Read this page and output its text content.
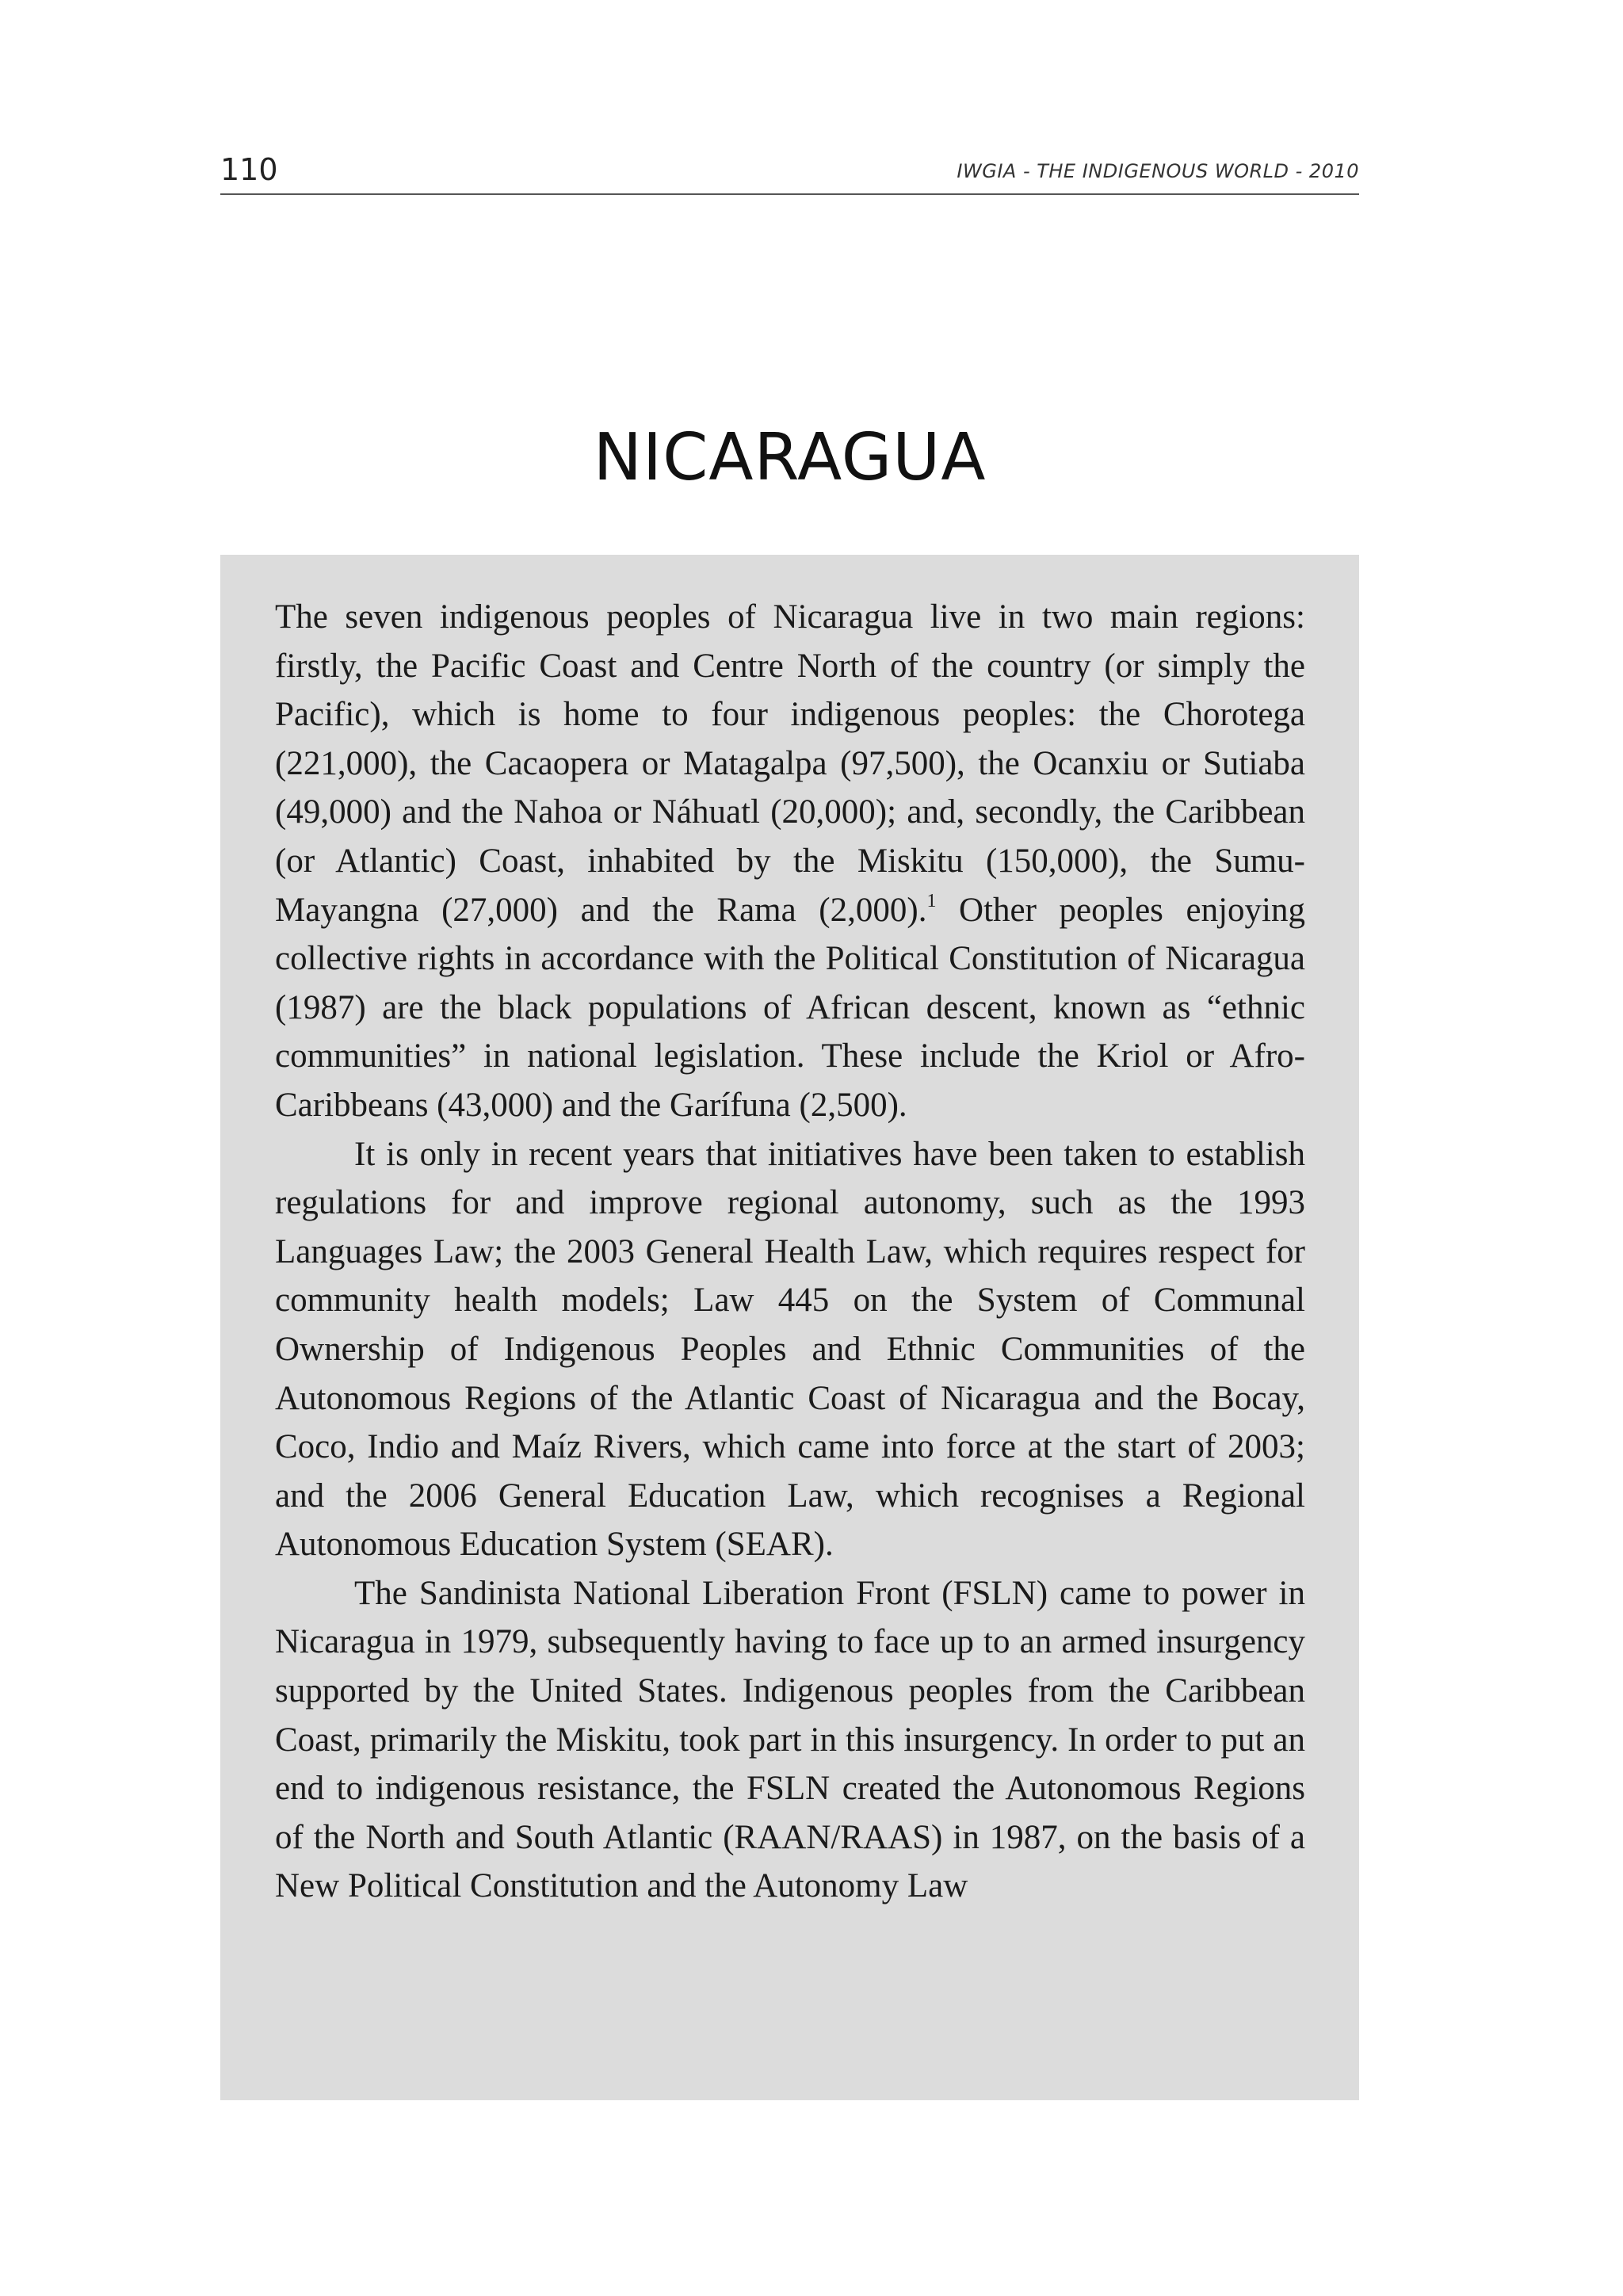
110	IWGIA - THE INDIGENOUS WORLD - 2010
NICARAGUA

The seven indigenous peoples of Nicaragua live in two main regions: firstly, the Pacific Coast and Centre North of the country (or simply the Pacific), which is home to four indigenous peoples: the Chorotega (221,000), the Cacaopera or Matagalpa (97,500), the Ocanxiu or Sutiaba (49,000) and the Nahoa or Náhuatl (20,000); and, secondly, the Caribbean (or Atlantic) Coast, inhabited by the Miskitu (150,000), the Sumu-Mayangna (27,000) and the Rama (2,000).$^1$ Other peoples enjoying collective rights in accordance with the Political Constitution of Nicaragua (1987) are the black populations of African descent, known as “ethnic communities” in national legislation. These include the Kriol or Afro-Caribbeans (43,000) and the Garífuna (2,500).

It is only in recent years that initiatives have been taken to establish regulations for and improve regional autonomy, such as the 1993 Languages Law; the 2003 General Health Law, which requires respect for community health models; Law 445 on the System of Communal Ownership of Indigenous Peoples and Ethnic Communities of the Autonomous Regions of the Atlantic Coast of Nicaragua and the Bocay, Coco, Indio and Maíz Rivers, which came into force at the start of 2003; and the 2006 General Education Law, which recognises a Regional Autonomous Education System (SEAR).

The Sandinista National Liberation Front (FSLN) came to power in Nicaragua in 1979, subsequently having to face up to an armed insurgency supported by the United States. Indigenous peoples from the Caribbean Coast, primarily the Miskitu, took part in this insurgency. In order to put an end to indigenous resistance, the FSLN created the Autonomous Regions of the North and South Atlantic (RAAN/RAAS) in 1987, on the basis of a New Political Constitution and the Autonomy Law
